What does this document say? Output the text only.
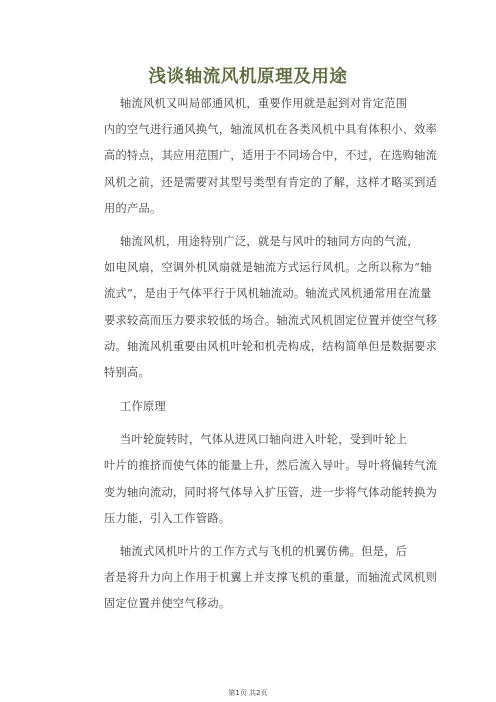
浅谈轴流风机原理及用途
轴流风机又叫局部通风机，重要作用就是起到对肯定范围
内的空气进行通风换气，轴流风机在各类风机中具有体积小、效率
高的特点，其应用范围广，适用于不同场合中，不过，在选购轴流
风机之前，还是需要对其型号类型有肯定的了解，这样才略买到适
用的产品。
轴流风机，用途特别广泛，就是与风叶的轴同方向的气流，
如电风扇，空调外机风扇就是轴流方式运行风机。之所以称为“轴
流式”，是由于气体平行于风机轴流动。轴流式风机通常用在流量
要求较高而压力要求较低的场合。轴流式风机固定位置并使空气移
动。轴流风机重要由风机叶轮和机壳构成，结构简单但是数据要求
特别高。
工作原理
当叶轮旋转时，气体从进风口轴向进入叶轮，受到叶轮上
叶片的推挤而使气体的能量上升，然后流入导叶。导叶将偏转气流
变为轴向流动，同时将气体导入扩压管，进一步将气体动能转换为
压力能，引入工作管路。
轴流式风机叶片的工作方式与飞机的机翼仿佛。但是，后
者是将升力向上作用于机翼上并支撑飞机的重量，而轴流式风机则
固定位置并使空气移动。
第1页 共2页
